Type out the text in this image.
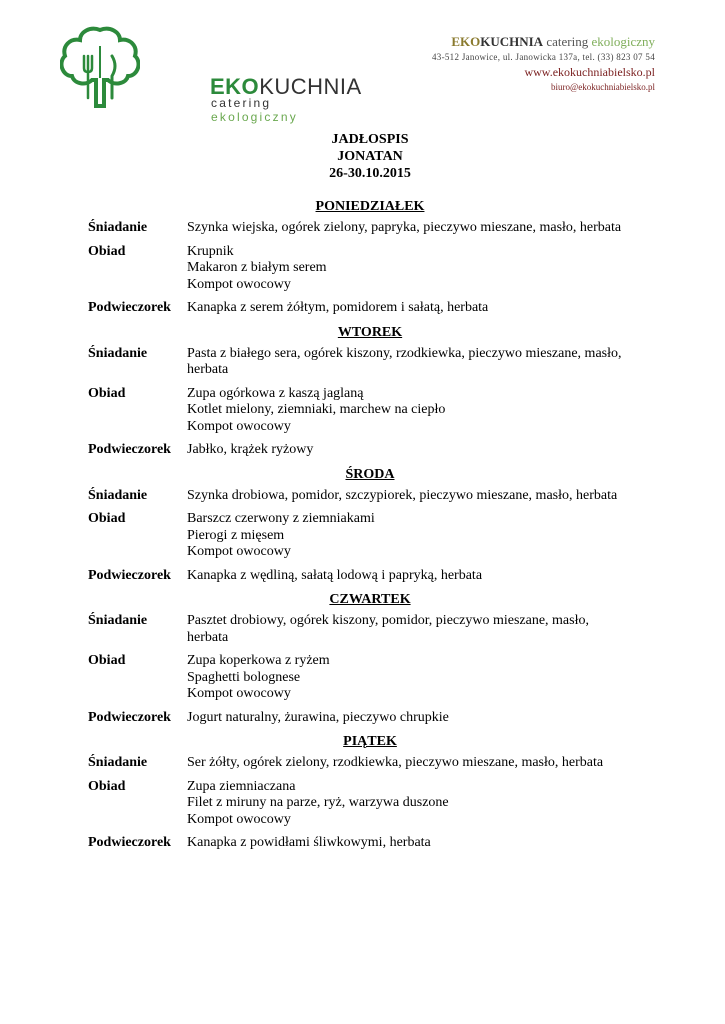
EKOKUCHNIA
catering ekologiczny
EKOKUCHNIA catering ekologiczny
43-512 Janowice, ul. Janowicka 137a, tel. (33) 823 07 54
www.ekokuchniabielsko.pl
biuro@ekokuchniabielsko.pl
JADŁOSPIS
JONATAN
26-30.10.2015
PONIEDZIAŁEK
Śniadanie	Szynka wiejska, ogórek zielony, papryka, pieczywo mieszane, masło, herbata
Obiad	Krupnik
Makaron z białym serem
Kompot owocowy
Podwieczorek	Kanapka z serem żółtym, pomidorem i sałatą, herbata
WTOREK
Śniadanie	Pasta z białego sera, ogórek kiszony, rzodkiewka, pieczywo mieszane, masło,
herbata
Obiad	Zupa ogórkowa z kaszą jaglaną
Kotlet mielony, ziemniaki, marchew na ciepło
Kompot owocowy
Podwieczorek	Jabłko, krążek ryżowy
ŚRODA
Śniadanie	Szynka drobiowa, pomidor, szczypiorek, pieczywo mieszane, masło, herbata
Obiad	Barszcz czerwony z ziemniakami
Pierogi z mięsem
Kompot owocowy
Podwieczorek	Kanapka z wędliną, sałatą lodową i papryką, herbata
CZWARTEK
Śniadanie	Pasztet drobiowy, ogórek kiszony, pomidor, pieczywo mieszane, masło,
herbata
Obiad	Zupa koperkowa z ryżem
Spaghetti bolognese
Kompot owocowy
Podwieczorek	Jogurt naturalny, żurawina, pieczywo chrupkie
PIĄTEK
Śniadanie	Ser żółty, ogórek zielony, rzodkiewka, pieczywo mieszane, masło, herbata
Obiad	Zupa ziemniaczana
Filet z miruny na parze, ryż, warzywa duszone
Kompot owocowy
Podwieczorek	Kanapka z powidłami śliwkowymi, herbata
